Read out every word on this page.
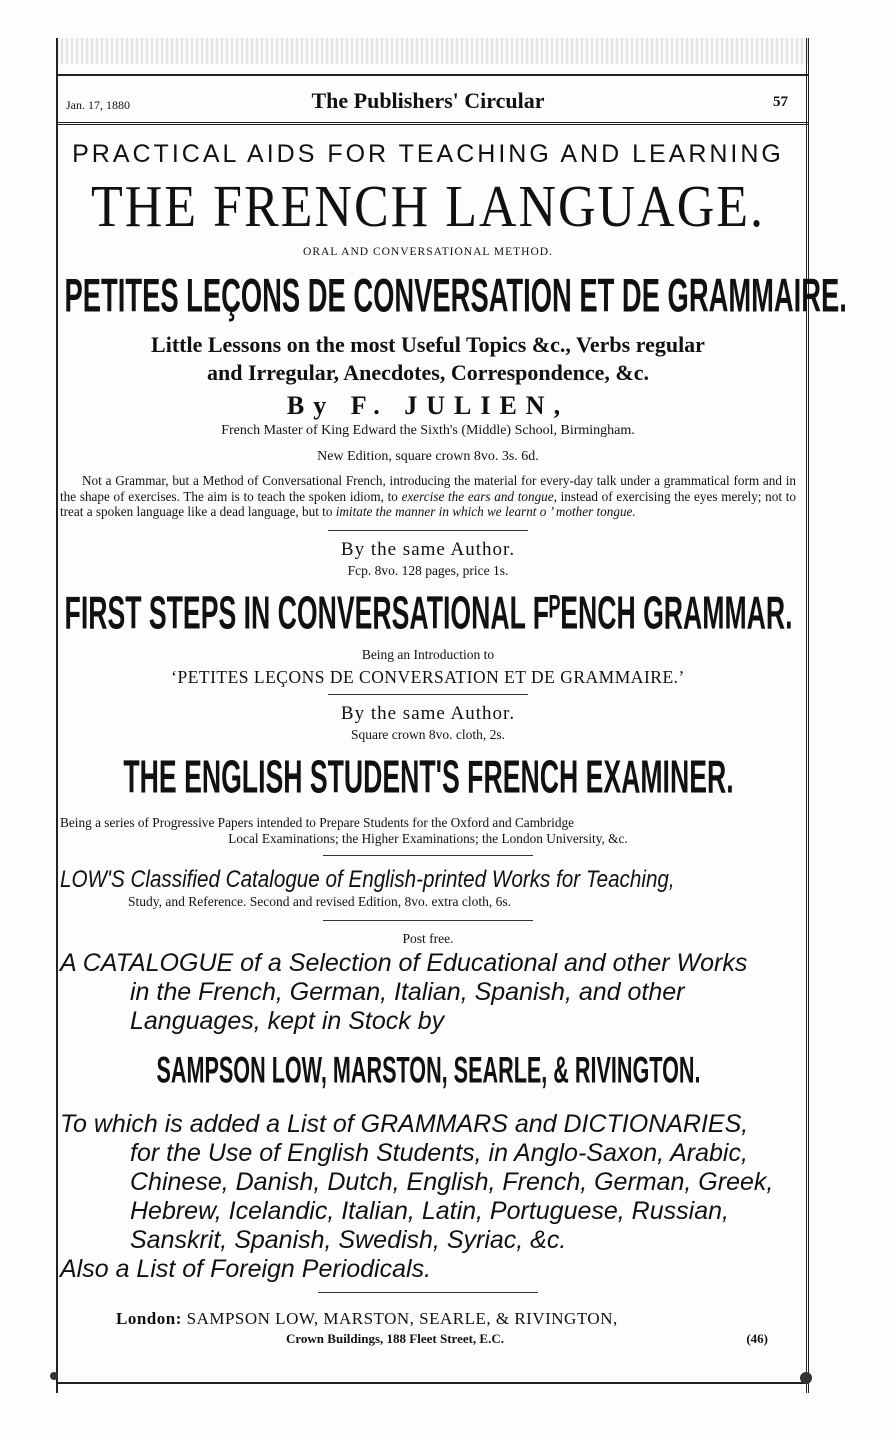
Jan. 17, 1880	The Publishers' Circular	57
PRACTICAL AIDS FOR TEACHING AND LEARNING
THE FRENCH LANGUAGE.
ORAL AND CONVERSATIONAL METHOD.
PETITES LEÇONS DE CONVERSATION ET DE GRAMMAIRE.
Little Lessons on the most Useful Topics &c., Verbs regular
and Irregular, Anecdotes, Correspondence, &c.
By F. JULIEN,
French Master of King Edward the Sixth's (Middle) School, Birmingham.
New Edition, square crown 8vo. 3s. 6d.
Not a Grammar, but a Method of Conversational French, introducing the material for every-day talk under a grammatical form and in the shape of exercises. The aim is to teach the spoken idiom, to exercise the ears and tongue, instead of exercising the eyes merely; not to treat a spoken language like a dead language, but to imitate the manner in which we learnt o ’ mother tongue.
By the same Author.
Fcp. 8vo. 128 pages, price 1s.
FIRST STEPS IN CONVERSATIONAL FᴾENCH GRAMMAR.
Being an Introduction to
‘PETITES LEÇONS DE CONVERSATION ET DE GRAMMAIRE.’
By the same Author.
Square crown 8vo. cloth, 2s.
THE ENGLISH STUDENT'S FRENCH EXAMINER.
Being a series of Progressive Papers intended to Prepare Students for the Oxford and Cambridge
Local Examinations; the Higher Examinations; the London University, &c.
LOW'S Classified Catalogue of English-printed Works for Teaching,
Study, and Reference. Second and revised Edition, 8vo. extra cloth, 6s.
Post free.
A CATALOGUE of a Selection of Educational and other Works
in the French, German, Italian, Spanish, and other
Languages, kept in Stock by
SAMPSON LOW, MARSTON, SEARLE, & RIVINGTON.
To which is added a List of GRAMMARS and DICTIONARIES,
for the Use of English Students, in Anglo-Saxon, Arabic,
Chinese, Danish, Dutch, English, French, German, Greek,
Hebrew, Icelandic, Italian, Latin, Portuguese, Russian,
Sanskrit, Spanish, Swedish, Syriac, &c.
Also a List of Foreign Periodicals.
London: SAMPSON LOW, MARSTON, SEARLE, & RIVINGTON,
Crown Buildings, 188 Fleet Street, E.C.	(46)
